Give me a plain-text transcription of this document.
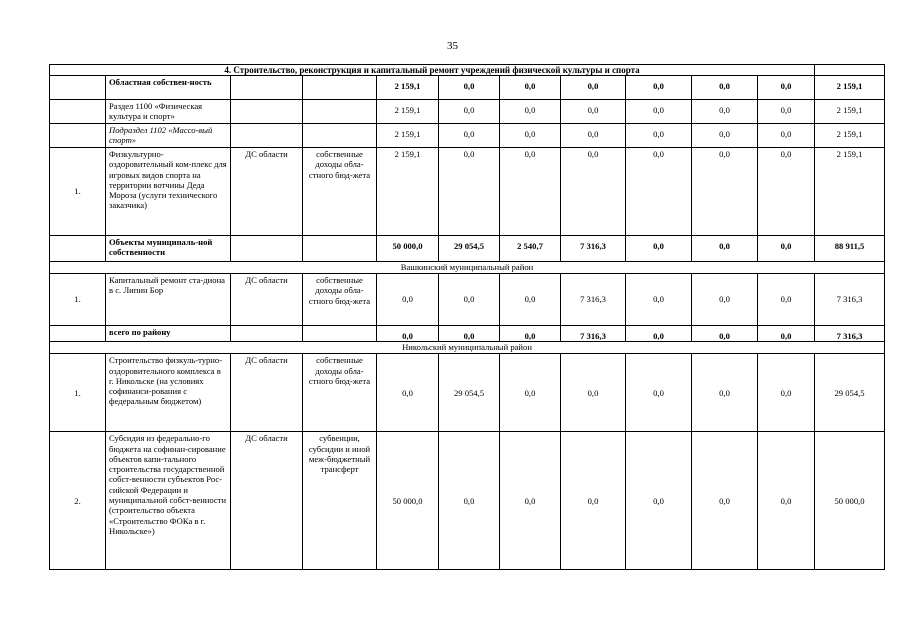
35
4. Строительство, реконструкция и капитальный ремонт учреждений физической культуры и спорта											
	Областная собствен-ность			2 159,1	0,0	0,0	0,0	0,0	0,0	0,0	2 159,1
	Раздел 1100 «Физическая культура и спорт»			2 159,1	0,0	0,0	0,0	0,0	0,0	0,0	2 159,1
	Подраздел 1102 «Массо-вый спорт»			2 159,1	0,0	0,0	0,0	0,0	0,0	0,0	2 159,1
1.	Физкультурно-оздоровительный ком-плекс для игровых видов спорта на территории вотчины Деда Мороза (услуги технического заказчика)	ДС области	собственные доходы обла-стного бюд-жета	2 159,1	0,0	0,0	0,0	0,0	0,0	0,0	2 159,1
	Объекты муниципаль-ной собственности			50 000,0	29 054,5	2 540,7	7 316,3	0,0	0,0	0,0	88 911,5
Вашкинский муниципальный район											
1.	Капитальный ремонт ста-диона в с. Липин Бор	ДС области	собственные доходы обла-стного бюд-жета	0,0	0,0	0,0	7 316,3	0,0	0,0	0,0	7 316,3
	всего по району			0,0	0,0	0,0	7 316,3	0,0	0,0	0,0	7 316,3
Никольский муниципальный район											
1.	Строительство физкуль-турно-оздоровительного комплекса в г. Никольске (на условиях софинанси-рования с федеральным бюджетом)	ДС области	собственные доходы обла-стного бюд-жета	0,0	29 054,5	0,0	0,0	0,0	0,0	0,0	29 054,5
2.	Субсидия из федерально-го бюджета на софинан-сирование объектов капи-тального строительства государственной собст-венности субъектов Рос-сийской Федерации и муниципальной собст-венности (строительство объекта «Строительство ФОКа в г. Никольске»)	ДС области	субвенции, субсидии и иной меж-бюджетный трансферт	50 000,0	0,0	0,0	0,0	0,0	0,0	0,0	50 000,0
